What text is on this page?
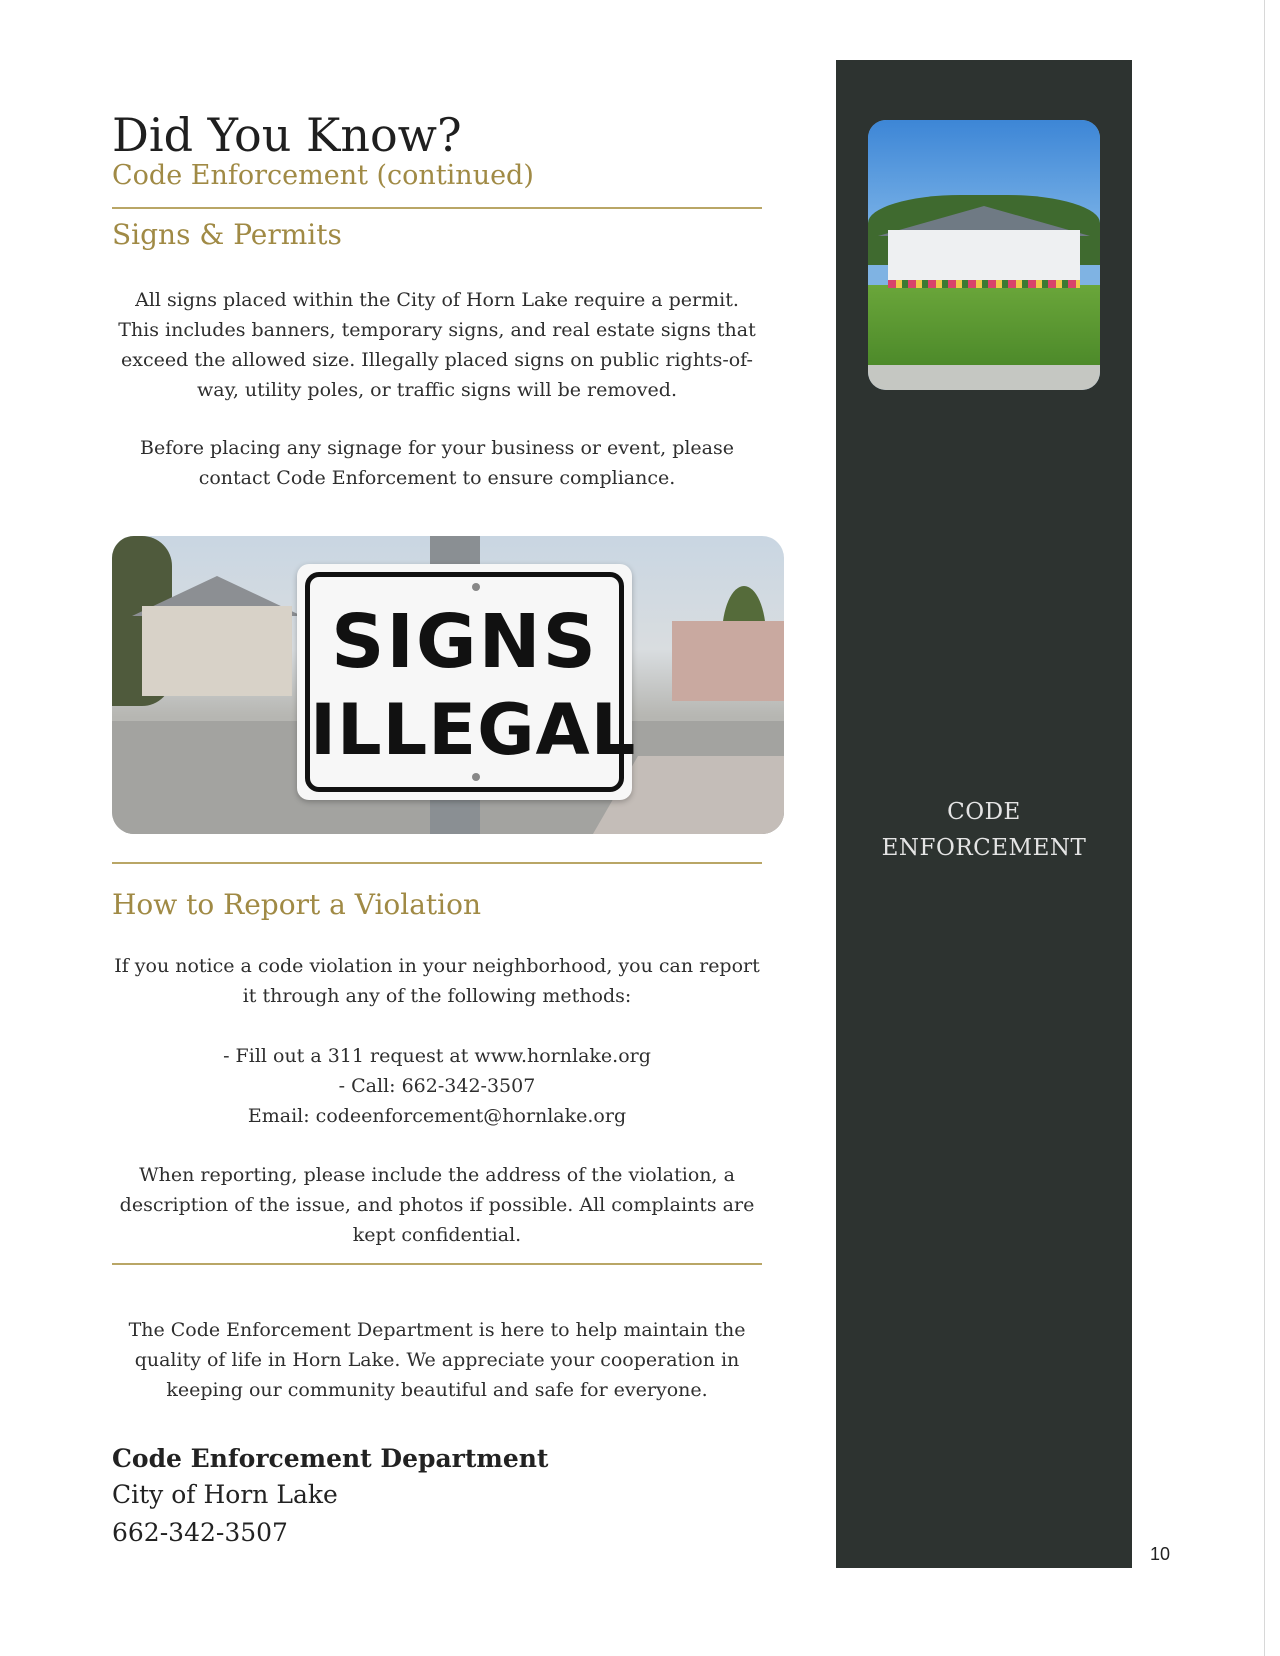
Did You Know?
Code Enforcement (continued)
Signs & Permits

All signs placed within the City of Horn Lake require a permit. This includes banners, temporary signs, and real estate signs that exceed the allowed size. Illegally placed signs on public rights-of-way, utility poles, or traffic signs will be removed.

Before placing any signage for your business or event, please contact Code Enforcement to ensure compliance.

SIGNS
ILLEGAL
How to Report a Violation

If you notice a code violation in your neighborhood, you can report it through any of the following methods:

- Fill out a 311 request at www.hornlake.org

- Call: 662-342-3507

Email: codeenforcement@hornlake.org

When reporting, please include the address of the violation, a description of the issue, and photos if possible. All complaints are kept confidential.

The Code Enforcement Department is here to help maintain the quality of life in Horn Lake. We appreciate your cooperation in keeping our community beautiful and safe for everyone.

Code Enforcement Department
City of Horn Lake
662-342-3507
CODE
ENFORCEMENT
10
